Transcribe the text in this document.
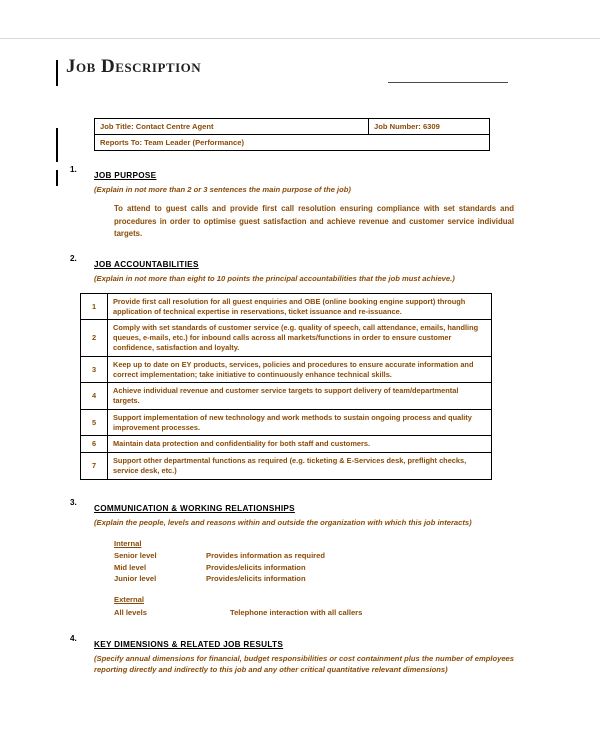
Job Description
Job Title: Contact Centre Agent	Job Number: 6309
Reports To: Team Leader (Performance)
1.
JOB PURPOSE
(Explain in not more than 2 or 3 sentences the main purpose of the job)
To attend to guest calls and provide first call resolution ensuring compliance with set standards and procedures in order to optimise guest satisfaction and achieve revenue and customer service individual targets.
2.
JOB ACCOUNTABILITIES
(Explain in not more than eight to 10 points the principal accountabilities that the job must achieve.)
1	Provide first call resolution for all guest enquiries and OBE (online booking engine support) through application of technical expertise in reservations, ticket issuance and re-issuance.
2	Comply with set standards of customer service (e.g. quality of speech, call attendance, emails, handling queues, e-mails, etc.) for inbound calls across all markets/functions in order to ensure customer confidence, satisfaction and loyalty.
3	Keep up to date on EY products, services, policies and procedures to ensure accurate information and correct implementation; take initiative to continuously enhance technical skills.
4	Achieve individual revenue and customer service targets to support delivery of team/departmental targets.
5	Support implementation of new technology and work methods to sustain ongoing process and quality improvement processes.
6	Maintain data protection and confidentiality for both staff and customers.
7	Support other departmental functions as required (e.g. ticketing & E-Services desk, preflight checks, service desk, etc.)
3.
COMMUNICATION & WORKING RELATIONSHIPS
(Explain the people, levels and reasons within and outside the organization with which this job interacts)
Internal
Senior level	Provides information as required
Mid level	Provides/elicits information
Junior level	Provides/elicits information
External
All levels	Telephone interaction with all callers
4.
KEY DIMENSIONS & RELATED JOB RESULTS
(Specify annual dimensions for financial, budget responsibilities or cost containment plus the number of employees reporting directly and indirectly to this job and any other critical quantitative relevant dimensions)
